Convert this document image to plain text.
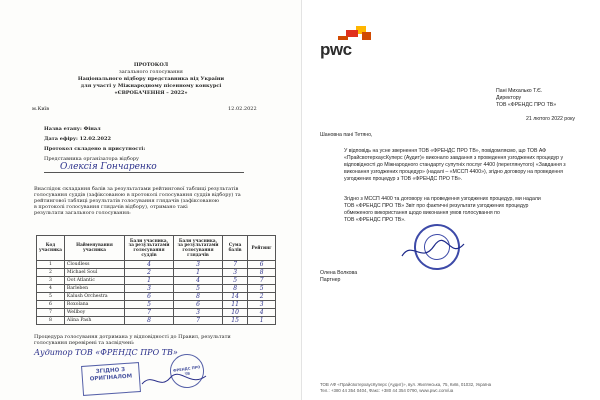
ПРОТОКОЛ
загального голосування
Національного відбору представника від України
для участі у Міжнародному пісенному конкурсі
«ЄВРОБАЧЕННЯ – 2022»
м.Київ	12.02.2022
Назва етапу: Фінал
Дата ефіру: 12.02.2022
Протокол складено в присутності:
Представника організатора відбору
Олексія Гончаренко
Внаслідок складання балів за результатами рейтингової таблиці результатів
голосування суддів (зафіксованою в протоколі голосування суддів відбору) та
рейтингової таблиці результатів голосування глядачів (зафіксованою
в протоколі голосування глядачів відбору), отримано такі
результати загального голосування:
Код учасника	Найменування учасника	Бали учасника, за результатами голосування суддів	Бали учасника, за результатами голосування глядачів	Сума балів	Рейтинг
1	Cloudless	4	3	7	6
2	Michael Soul	2	1	3	8
3	Oot Atlantic	1	4	5	7
4	Barleben	3	5	8	5
5	Kalush Orchestra	6	8	14	2
6	Roxolana	5	6	11	3
7	Wellboy	7	3	10	4
8	Alina Pash	8	7	15	1
Процедура голосування дотримана у відповідності до Правил, результати
голосування перевірені та засвідчені:
Аудитор ТОВ «ФРЕНДС ПРО ТВ»
ЗГІДНО З ОРИГІНАЛОМ
ФРЕНДС ПРО ТВ
pwc
Пані Михалько Т.Є.
Директору
ТОВ «ФРЕНДС ПРО ТВ»
21 лютого 2022 року
Шановна пані Тетяно,
У відповідь на усне звернення ТОВ «ФРЕНДС ПРО ТВ», повідомляємо, що ТОВ АФ
«ПрайсвотерхаусКуперс (Аудит)» виконало завдання з проведення узгоджених процедур у
відповідності до Міжнародного стандарту супутніх послуг 4400 (переглянутого) «Завдання з
виконання узгоджених процедур» (надалі – «МССП 4400»), згідно договору на проведення
узгоджених процедур з ТОВ «ФРЕНДС ПРО ТВ».
Згідно з МССП 4400 та договору на проведення узгоджених процедур, ми надали
ТОВ «ФРЕНДС ПРО ТВ» Звіт про фактичні результати узгоджених процедур
обмеженого використання щодо виконання умов голосування по
ТОВ «ФРЕНДС ПРО ТВ».
Олена Волкова
Партнер
ТОВ АФ «ПрайсвотерхаусКуперс (Аудит)», вул. Жилянська, 75, Київ, 01032, Україна
Тел.: +380 44 354 0404, Факс: +380 44 354 0790, www.pwc.com/ua
